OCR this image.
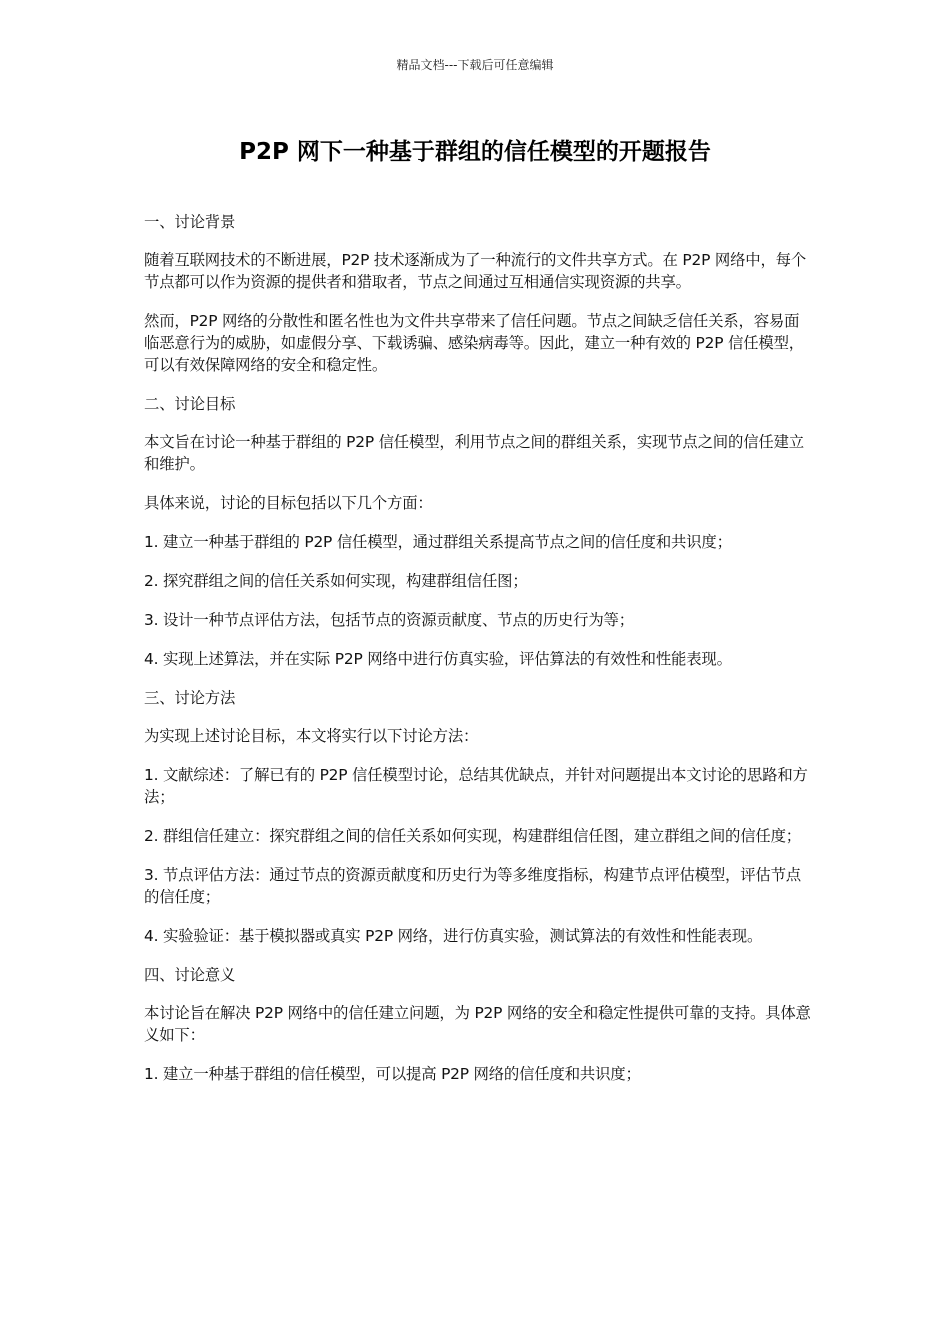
精品文档---下载后可任意编辑
P2P 网下一种基于群组的信任模型的开题报告
一、讨论背景
随着互联网技术的不断进展，P2P 技术逐渐成为了一种流行的文件共享方式。在 P2P 网络中，每个节点都可以作为资源的提供者和猎取者，节点之间通过互相通信实现资源的共享。
然而，P2P 网络的分散性和匿名性也为文件共享带来了信任问题。节点之间缺乏信任关系，容易面临恶意行为的威胁，如虚假分享、下载诱骗、感染病毒等。因此，建立一种有效的 P2P 信任模型，可以有效保障网络的安全和稳定性。
二、讨论目标
本文旨在讨论一种基于群组的 P2P 信任模型，利用节点之间的群组关系，实现节点之间的信任建立和维护。
具体来说，讨论的目标包括以下几个方面：
1. 建立一种基于群组的 P2P 信任模型，通过群组关系提高节点之间的信任度和共识度；
2. 探究群组之间的信任关系如何实现，构建群组信任图；
3. 设计一种节点评估方法，包括节点的资源贡献度、节点的历史行为等；
4. 实现上述算法，并在实际 P2P 网络中进行仿真实验，评估算法的有效性和性能表现。
三、讨论方法
为实现上述讨论目标，本文将实行以下讨论方法：
1. 文献综述：了解已有的 P2P 信任模型讨论，总结其优缺点，并针对问题提出本文讨论的思路和方法；
2. 群组信任建立：探究群组之间的信任关系如何实现，构建群组信任图，建立群组之间的信任度；
3. 节点评估方法：通过节点的资源贡献度和历史行为等多维度指标，构建节点评估模型，评估节点的信任度；
4. 实验验证：基于模拟器或真实 P2P 网络，进行仿真实验，测试算法的有效性和性能表现。
四、讨论意义
本讨论旨在解决 P2P 网络中的信任建立问题，为 P2P 网络的安全和稳定性提供可靠的支持。具体意义如下：
1. 建立一种基于群组的信任模型，可以提高 P2P 网络的信任度和共识度；
